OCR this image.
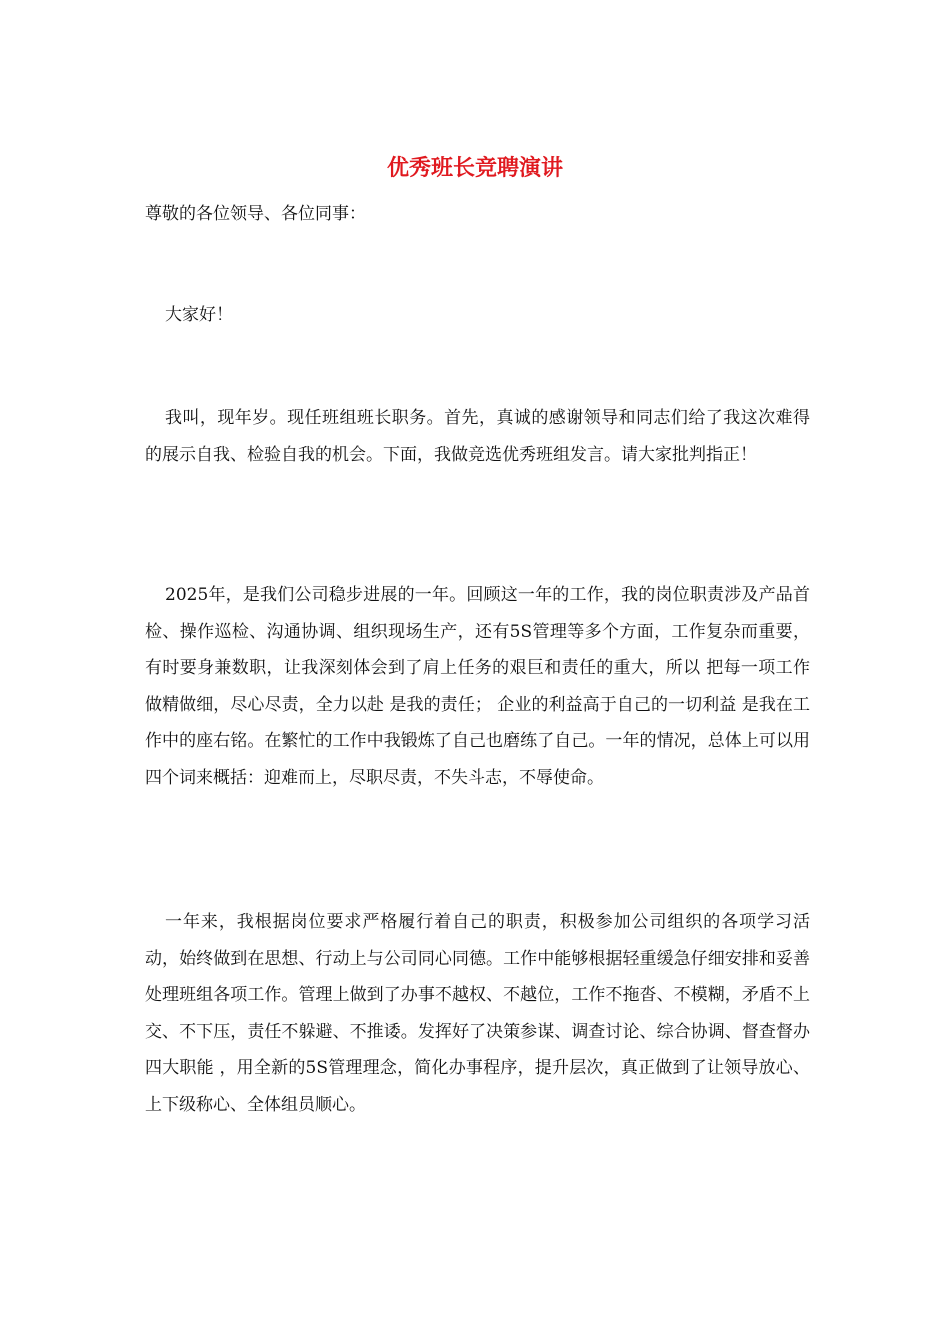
优秀班长竞聘演讲

尊敬的各位领导、各位同事：

大家好！

我叫，现年岁。现任班组班长职务。首先，真诚的感谢领导和同志们给了我这次难得的展示自我、检验自我的机会。下面，我做竞选优秀班组发言。请大家批判指正！

2025年，是我们公司稳步进展的一年。回顾这一年的工作，我的岗位职责涉及产品首检、操作巡检、沟通协调、组织现场生产，还有5S管理等多个方面，工作复杂而重要，有时要身兼数职，让我深刻体会到了肩上任务的艰巨和责任的重大，所以 把每一项工作做精做细，尽心尽责，全力以赴 是我的责任； 企业的利益高于自己的一切利益 是我在工作中的座右铭。在繁忙的工作中我锻炼了自己也磨练了自己。一年的情况，总体上可以用四个词来概括：迎难而上，尽职尽责，不失斗志，不辱使命。

一年来，我根据岗位要求严格履行着自己的职责，积极参加公司组织的各项学习活动，始终做到在思想、行动上与公司同心同德。工作中能够根据轻重缓急仔细安排和妥善处理班组各项工作。管理上做到了办事不越权、不越位，工作不拖沓、不模糊，矛盾不上交、不下压，责任不躲避、不推诿。发挥好了决策参谋、调查讨论、综合协调、督查督办 四大职能 ，用全新的5S管理理念，简化办事程序，提升层次，真正做到了让领导放心、上下级称心、全体组员顺心。
